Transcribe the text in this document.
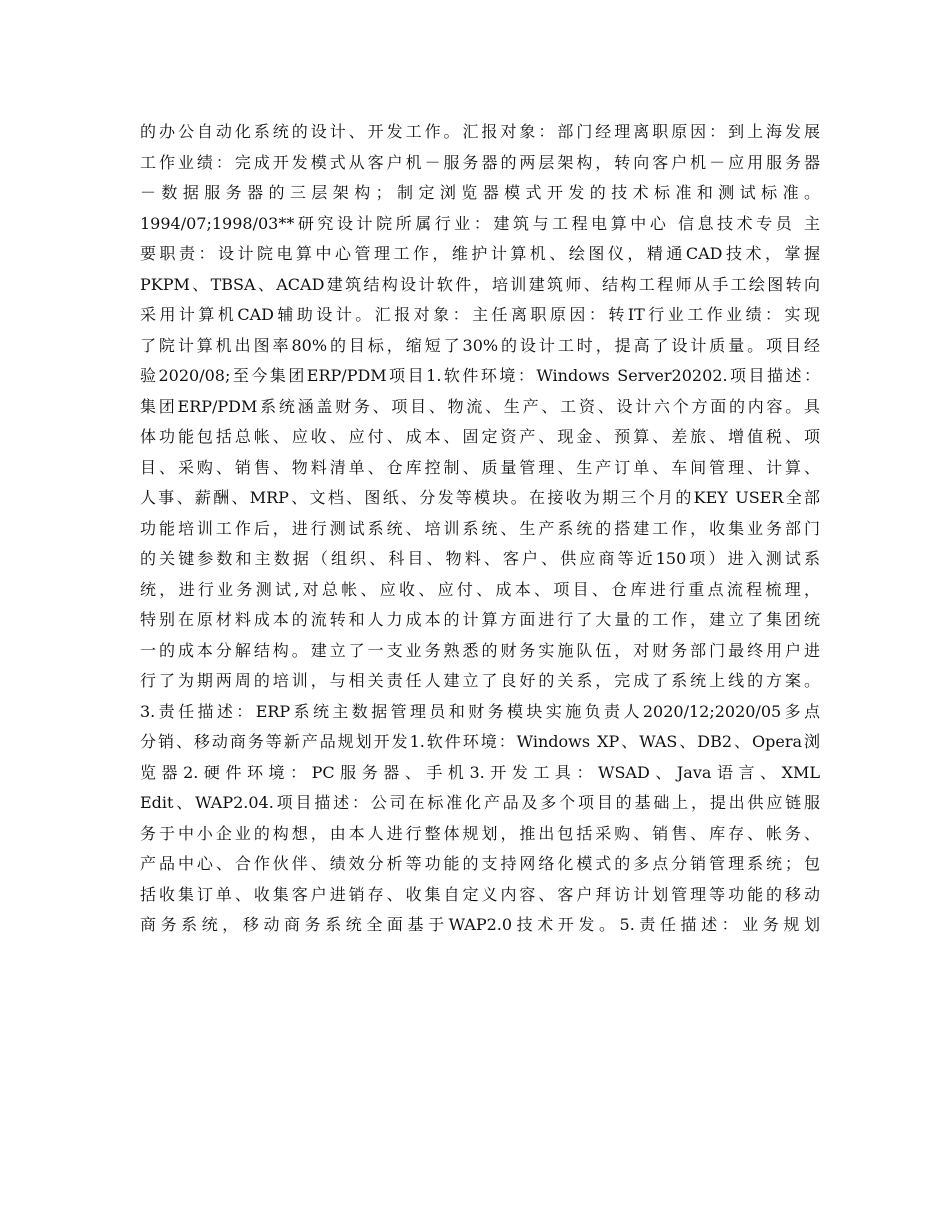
的办公自动化系统的设计、开发工作。汇报对象：部门经理离职原因：到上海发展
工作业绩：完成开发模式从客户机－服务器的两层架构，转向客户机－应用服务器
－数据服务器的三层架构；制定浏览器模式开发的技术标准和测试标准。
1994/07;1998/03**研究设计院所属行业：建筑与工程电算中心 信息技术专员 主
要职责：设计院电算中心管理工作，维护计算机、绘图仪，精通CAD技术，掌握
PKPM、TBSA、ACAD建筑结构设计软件，培训建筑师、结构工程师从手工绘图转向
采用计算机CAD辅助设计。汇报对象：主任离职原因：转IT行业工作业绩：实现
了院计算机出图率80%的目标，缩短了30%的设计工时，提高了设计质量。项目经
验2020/08;至今集团ERP/PDM项目1.软件环境：Windows Server20202.项目描述：
集团ERP/PDM系统涵盖财务、项目、物流、生产、工资、设计六个方面的内容。具
体功能包括总帐、应收、应付、成本、固定资产、现金、预算、差旅、增值税、项
目、采购、销售、物料清单、仓库控制、质量管理、生产订单、车间管理、计算、
人事、薪酬、MRP、文档、图纸、分发等模块。在接收为期三个月的KEY USER全部
功能培训工作后，进行测试系统、培训系统、生产系统的搭建工作，收集业务部门
的关键参数和主数据（组织、科目、物料、客户、供应商等近150项）进入测试系
统，进行业务测试,对总帐、应收、应付、成本、项目、仓库进行重点流程梳理，
特别在原材料成本的流转和人力成本的计算方面进行了大量的工作，建立了集团统
一的成本分解结构。建立了一支业务熟悉的财务实施队伍，对财务部门最终用户进
行了为期两周的培训，与相关责任人建立了良好的关系，完成了系统上线的方案。
3.责任描述：ERP系统主数据管理员和财务模块实施负责人2020/12;2020/05多点
分销、移动商务等新产品规划开发1.软件环境：Windows XP、WAS、DB2、Opera浏
览器2.硬件环境：PC服务器、手机3.开发工具：WSAD、Java语言、XML
Edit、WAP2.04.项目描述：公司在标准化产品及多个项目的基础上，提出供应链服
务于中小企业的构想，由本人进行整体规划，推出包括采购、销售、库存、帐务、
产品中心、合作伙伴、绩效分析等功能的支持网络化模式的多点分销管理系统；包
括收集订单、收集客户进销存、收集自定义内容、客户拜访计划管理等功能的移动
商务系统，移动商务系统全面基于WAP2.0技术开发。5.责任描述：业务规划
